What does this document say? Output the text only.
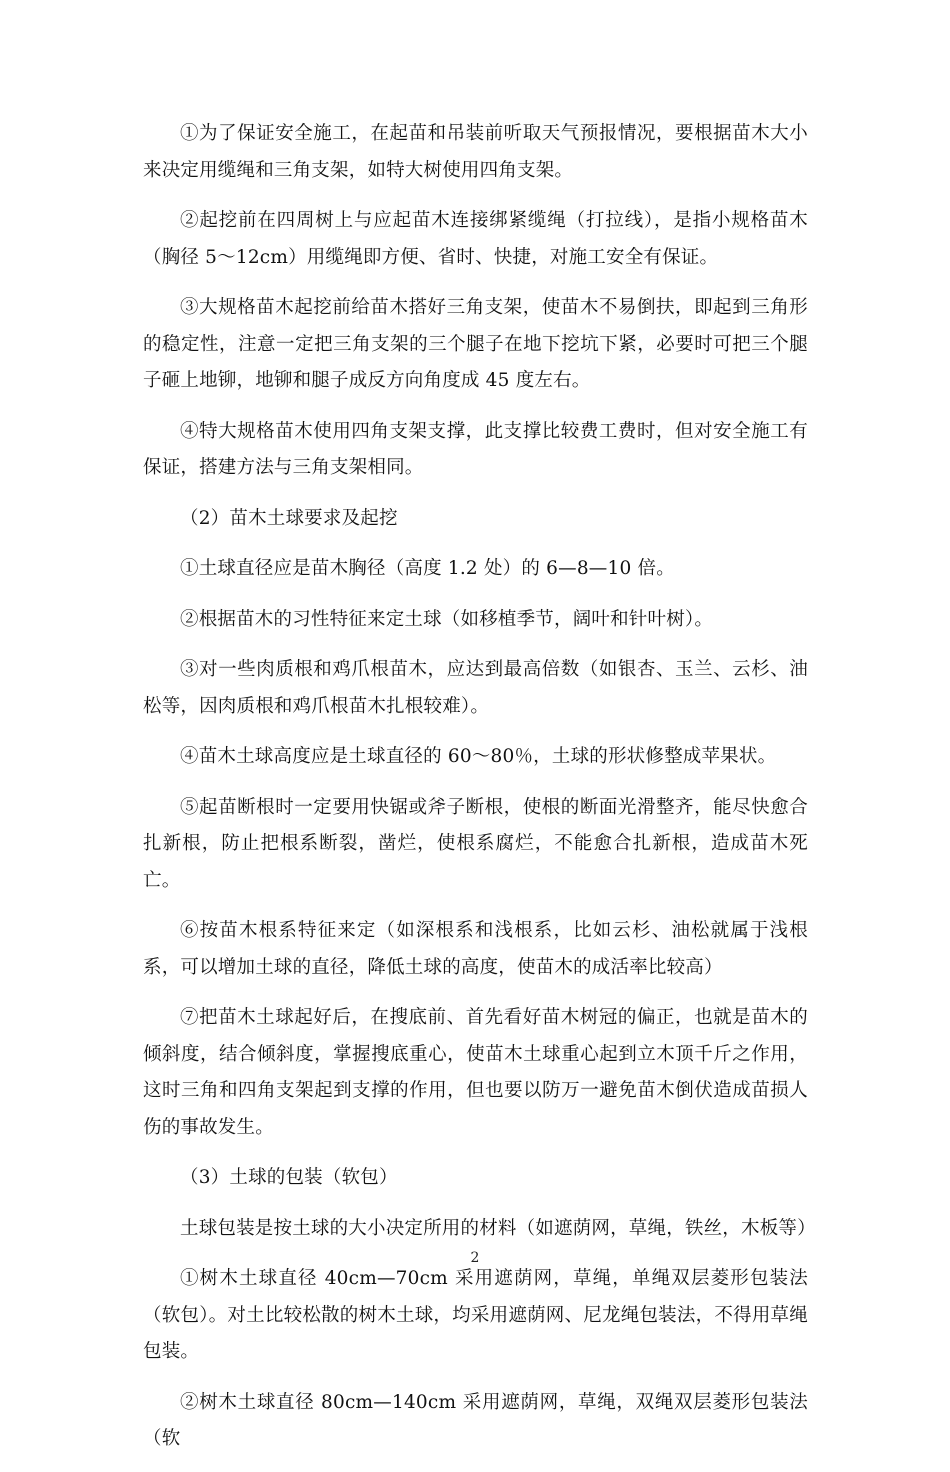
①为了保证安全施工，在起苗和吊装前听取天气预报情况，要根据苗木大小来决定用缆绳和三角支架，如特大树使用四角支架。

②起挖前在四周树上与应起苗木连接绑紧缆绳（打拉线），是指小规格苗木（胸径 5～12cm）用缆绳即方便、省时、快捷，对施工安全有保证。

③大规格苗木起挖前给苗木搭好三角支架，使苗木不易倒扶，即起到三角形的稳定性，注意一定把三角支架的三个腿子在地下挖坑下紧，必要时可把三个腿子砸上地铆，地铆和腿子成反方向角度成 45 度左右。

④特大规格苗木使用四角支架支撑，此支撑比较费工费时，但对安全施工有保证，搭建方法与三角支架相同。

（2）苗木土球要求及起挖

①土球直径应是苗木胸径（高度 1.2 处）的 6—8—10 倍。

②根据苗木的习性特征来定土球（如移植季节，阔叶和针叶树）。

③对一些肉质根和鸡爪根苗木，应达到最高倍数（如银杏、玉兰、云杉、油松等，因肉质根和鸡爪根苗木扎根较难）。

④苗木土球高度应是土球直径的 60～80％，土球的形状修整成苹果状。

⑤起苗断根时一定要用快锯或斧子断根，使根的断面光滑整齐，能尽快愈合扎新根，防止把根系断裂，凿烂，使根系腐烂，不能愈合扎新根，造成苗木死亡。

⑥按苗木根系特征来定（如深根系和浅根系，比如云杉、油松就属于浅根系，可以增加土球的直径，降低土球的高度，使苗木的成活率比较高）

⑦把苗木土球起好后，在搜底前、首先看好苗木树冠的偏正，也就是苗木的倾斜度，结合倾斜度，掌握搜底重心，使苗木土球重心起到立木顶千斤之作用，这时三角和四角支架起到支撑的作用，但也要以防万一避免苗木倒伏造成苗损人伤的事故发生。

（3）土球的包装（软包）

土球包装是按土球的大小决定所用的材料（如遮荫网，草绳，铁丝，木板等）

①树木土球直径 40cm—70cm 采用遮荫网，草绳，单绳双层菱形包装法（软包）。对土比较松散的树木土球，均采用遮荫网、尼龙绳包装法，不得用草绳包装。

②树木土球直径 80cm—140cm 采用遮荫网，草绳，双绳双层菱形包装法（软

2
